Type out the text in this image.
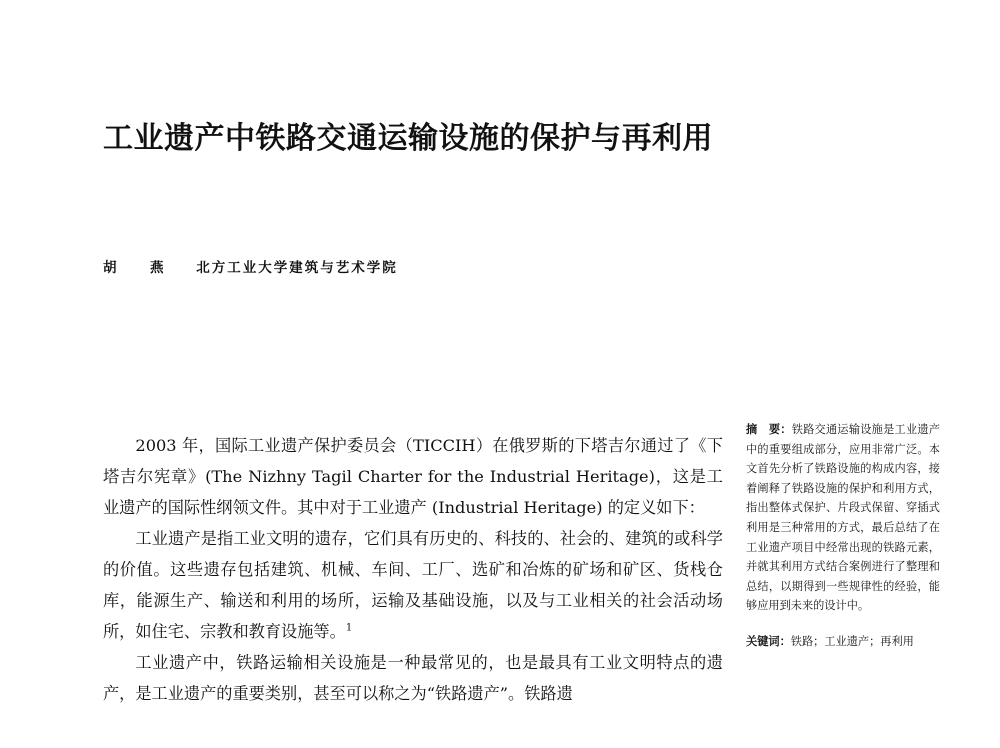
工业遗产中铁路交通运输设施的保护与再利用
胡　燕 北方工业大学建筑与艺术学院

2003 年，国际工业遗产保护委员会（TICCIH）在俄罗斯的下塔吉尔通过了《下塔吉尔宪章》(The Nizhny Tagil Charter for the Industrial Heritage)，这是工业遗产的国际性纲领文件。其中对于工业遗产 (Industrial Heritage) 的定义如下：

工业遗产是指工业文明的遗存，它们具有历史的、科技的、社会的、建筑的或科学的价值。这些遗存包括建筑、机械、车间、工厂、选矿和冶炼的矿场和矿区、货栈仓库，能源生产、输送和利用的场所，运输及基础设施，以及与工业相关的社会活动场所，如住宅、宗教和教育设施等。$^1$

工业遗产中，铁路运输相关设施是一种最常见的，也是最具有工业文明特点的遗产，是工业遗产的重要类别，甚至可以称之为“铁路遗产”。铁路遗

摘　要：铁路交通运输设施是工业遗产中的重要组成部分，应用非常广泛。本文首先分析了铁路设施的构成内容，接着阐释了铁路设施的保护和利用方式，指出整体式保护、片段式保留、穿插式利用是三种常用的方式，最后总结了在工业遗产项目中经常出现的铁路元素，并就其利用方式结合案例进行了整理和总结，以期得到一些规律性的经验，能够应用到未来的设计中。

关键词：铁路；工业遗产；再利用
